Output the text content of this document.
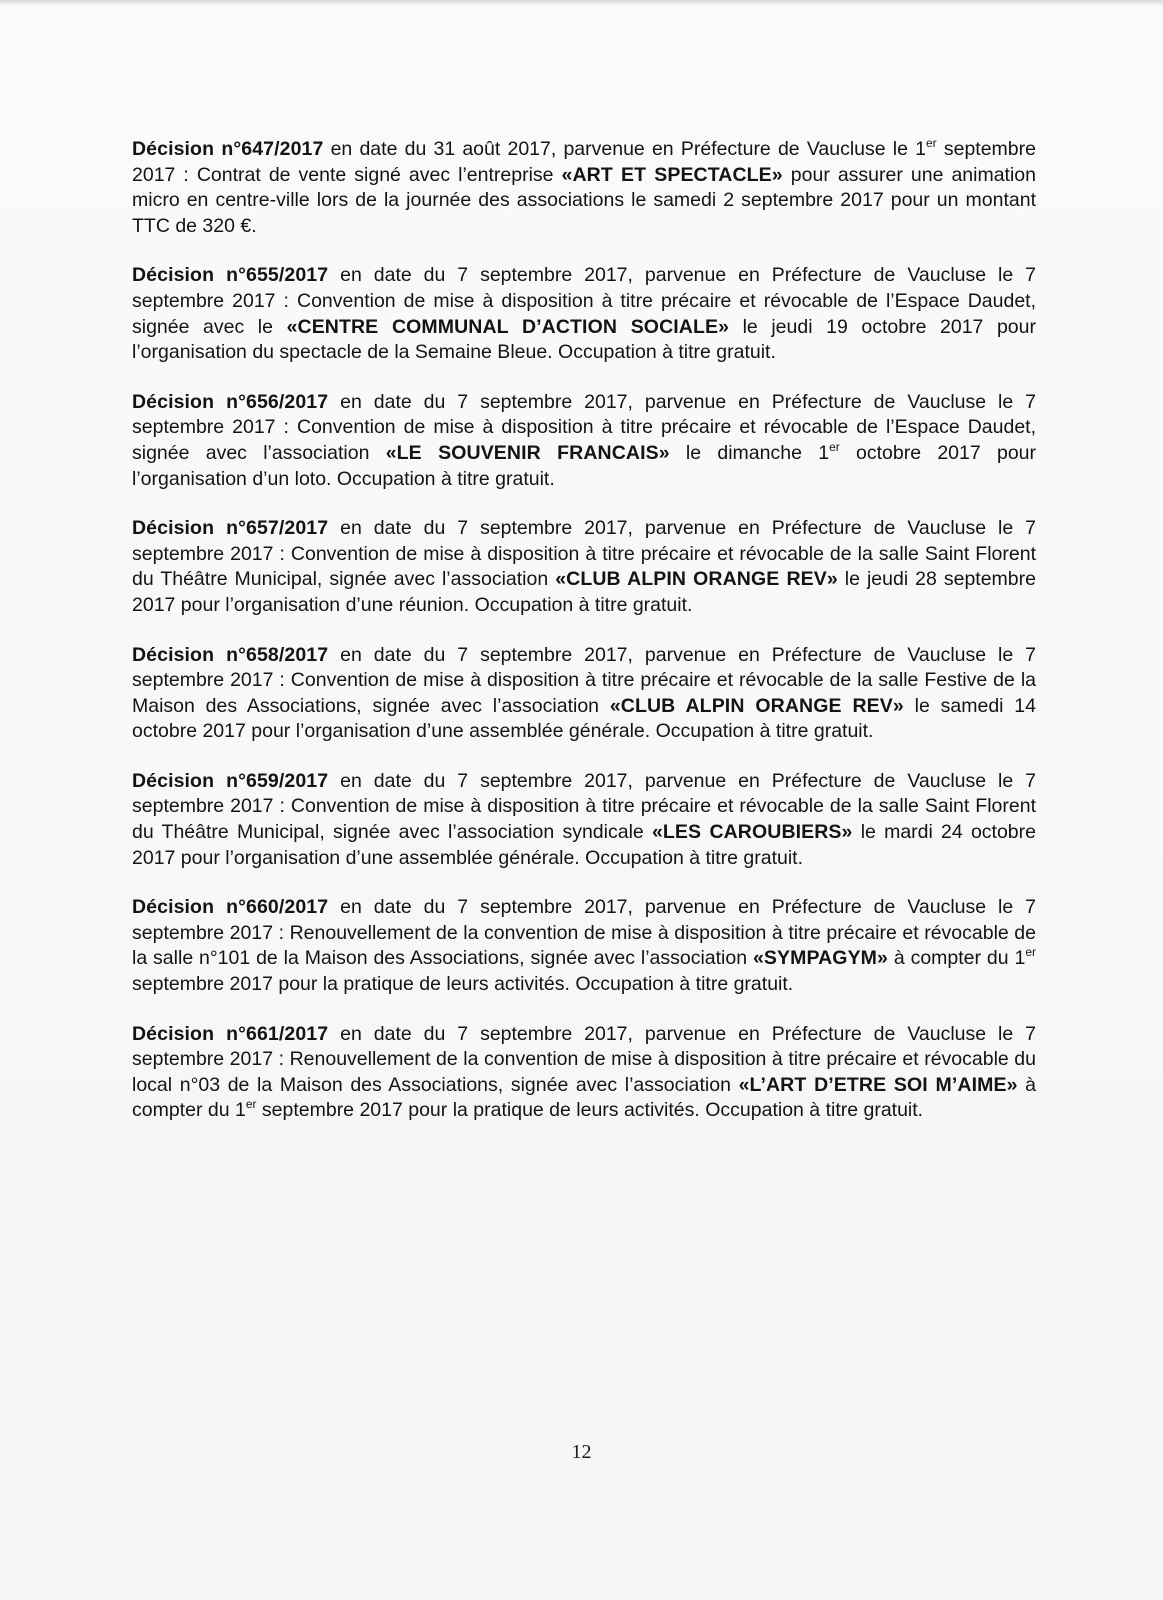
Décision n°647/2017 en date du 31 août 2017, parvenue en Préfecture de Vaucluse le 1er septembre 2017 : Contrat de vente signé avec l’entreprise «ART ET SPECTACLE» pour assurer une animation micro en centre-ville lors de la journée des associations le samedi 2 septembre 2017 pour un montant TTC de 320 €.

Décision n°655/2017 en date du 7 septembre 2017, parvenue en Préfecture de Vaucluse le 7 septembre 2017 : Convention de mise à disposition à titre précaire et révocable de l’Espace Daudet, signée avec le «CENTRE COMMUNAL D’ACTION SOCIALE» le jeudi 19 octobre 2017 pour l’organisation du spectacle de la Semaine Bleue. Occupation à titre gratuit.

Décision n°656/2017 en date du 7 septembre 2017, parvenue en Préfecture de Vaucluse le 7 septembre 2017 : Convention de mise à disposition à titre précaire et révocable de l’Espace Daudet, signée avec l’association «LE SOUVENIR FRANCAIS» le dimanche 1er octobre 2017 pour l’organisation d’un loto. Occupation à titre gratuit.

Décision n°657/2017 en date du 7 septembre 2017, parvenue en Préfecture de Vaucluse le 7 septembre 2017 : Convention de mise à disposition à titre précaire et révocable de la salle Saint Florent du Théâtre Municipal, signée avec l’association «CLUB ALPIN ORANGE REV» le jeudi 28 septembre 2017 pour l’organisation d’une réunion. Occupation à titre gratuit.

Décision n°658/2017 en date du 7 septembre 2017, parvenue en Préfecture de Vaucluse le 7 septembre 2017 : Convention de mise à disposition à titre précaire et révocable de la salle Festive de la Maison des Associations, signée avec l’association «CLUB ALPIN ORANGE REV» le samedi 14 octobre 2017 pour l’organisation d’une assemblée générale. Occupation à titre gratuit.

Décision n°659/2017 en date du 7 septembre 2017, parvenue en Préfecture de Vaucluse le 7 septembre 2017 : Convention de mise à disposition à titre précaire et révocable de la salle Saint Florent du Théâtre Municipal, signée avec l’association syndicale «LES CAROUBIERS» le mardi 24 octobre 2017 pour l’organisation d’une assemblée générale. Occupation à titre gratuit.

Décision n°660/2017 en date du 7 septembre 2017, parvenue en Préfecture de Vaucluse le 7 septembre 2017 : Renouvellement de la convention de mise à disposition à titre précaire et révocable de la salle n°101 de la Maison des Associations, signée avec l’association «SYMPAGYM» à compter du 1er septembre 2017 pour la pratique de leurs activités. Occupation à titre gratuit.

Décision n°661/2017 en date du 7 septembre 2017, parvenue en Préfecture de Vaucluse le 7 septembre 2017 : Renouvellement de la convention de mise à disposition à titre précaire et révocable du local n°03 de la Maison des Associations, signée avec l’association «L’ART D’ETRE SOI M’AIME» à compter du 1er septembre 2017 pour la pratique de leurs activités. Occupation à titre gratuit.

12
